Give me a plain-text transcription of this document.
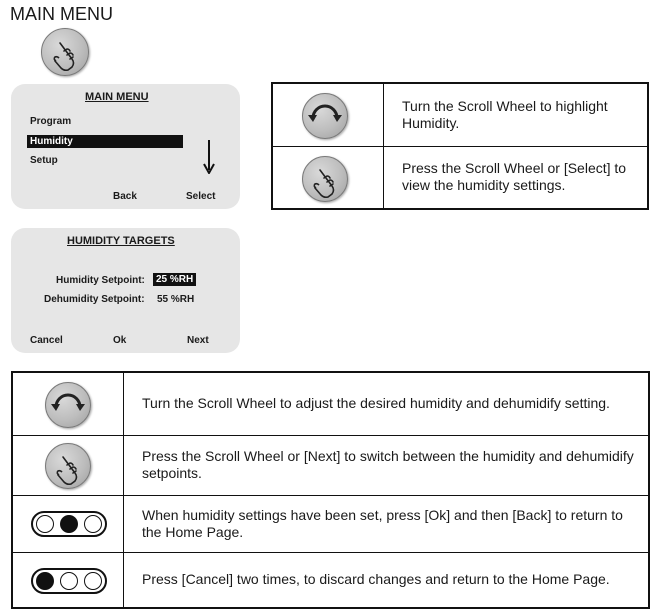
MAIN MENU
MAIN MENU
Program
Humidity
Setup
Back	Select
HUMIDITY TARGETS
Humidity Setpoint:	25 %RH
Dehumidity Setpoint: 55 %RH
Cancel	Ok	Next
	Turn the Scroll Wheel to highlight Humidity.

	Press the Scroll Wheel or [Select] to view the humidity settings.
	Turn the Scroll Wheel to adjust the desired humidity and dehumidify setting.

	Press the Scroll Wheel or [Next] to switch between the humidity and dehumidify setpoints.

	When humidity settings have been set, press [Ok] and then [Back] to return to the Home Page.

	Press [Cancel] two times, to discard changes and return to the Home Page.
